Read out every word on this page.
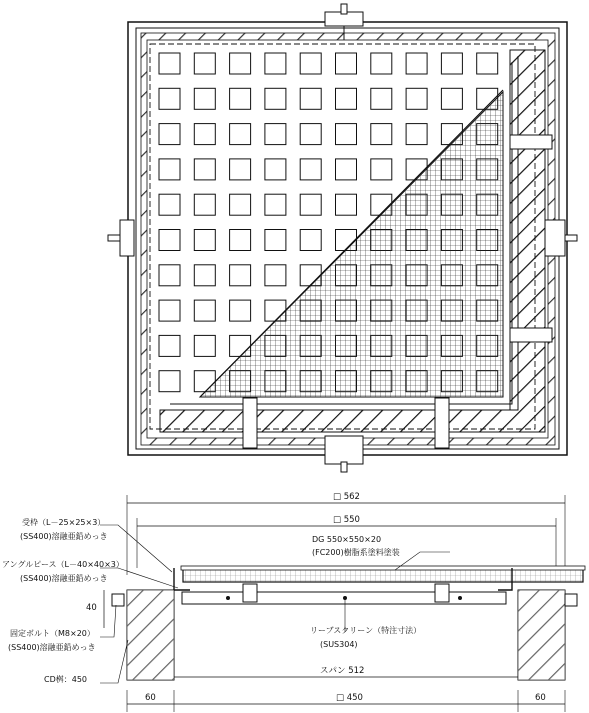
□ 562
□ 550
40
スパン 512
60	□ 450	60
受枠（L－25×25×3）
(SS400)溶融亜鉛めっき
アングルピース（L－40×40×3）
(SS400)溶融亜鉛めっき
固定ボルト（M8×20）
(SS400)溶融亜鉛めっき
CD桝：450
DG 550×550×20
(FC200)樹脂系塗料塗装
リーブスクリーン（特注寸法）
(SUS304)
